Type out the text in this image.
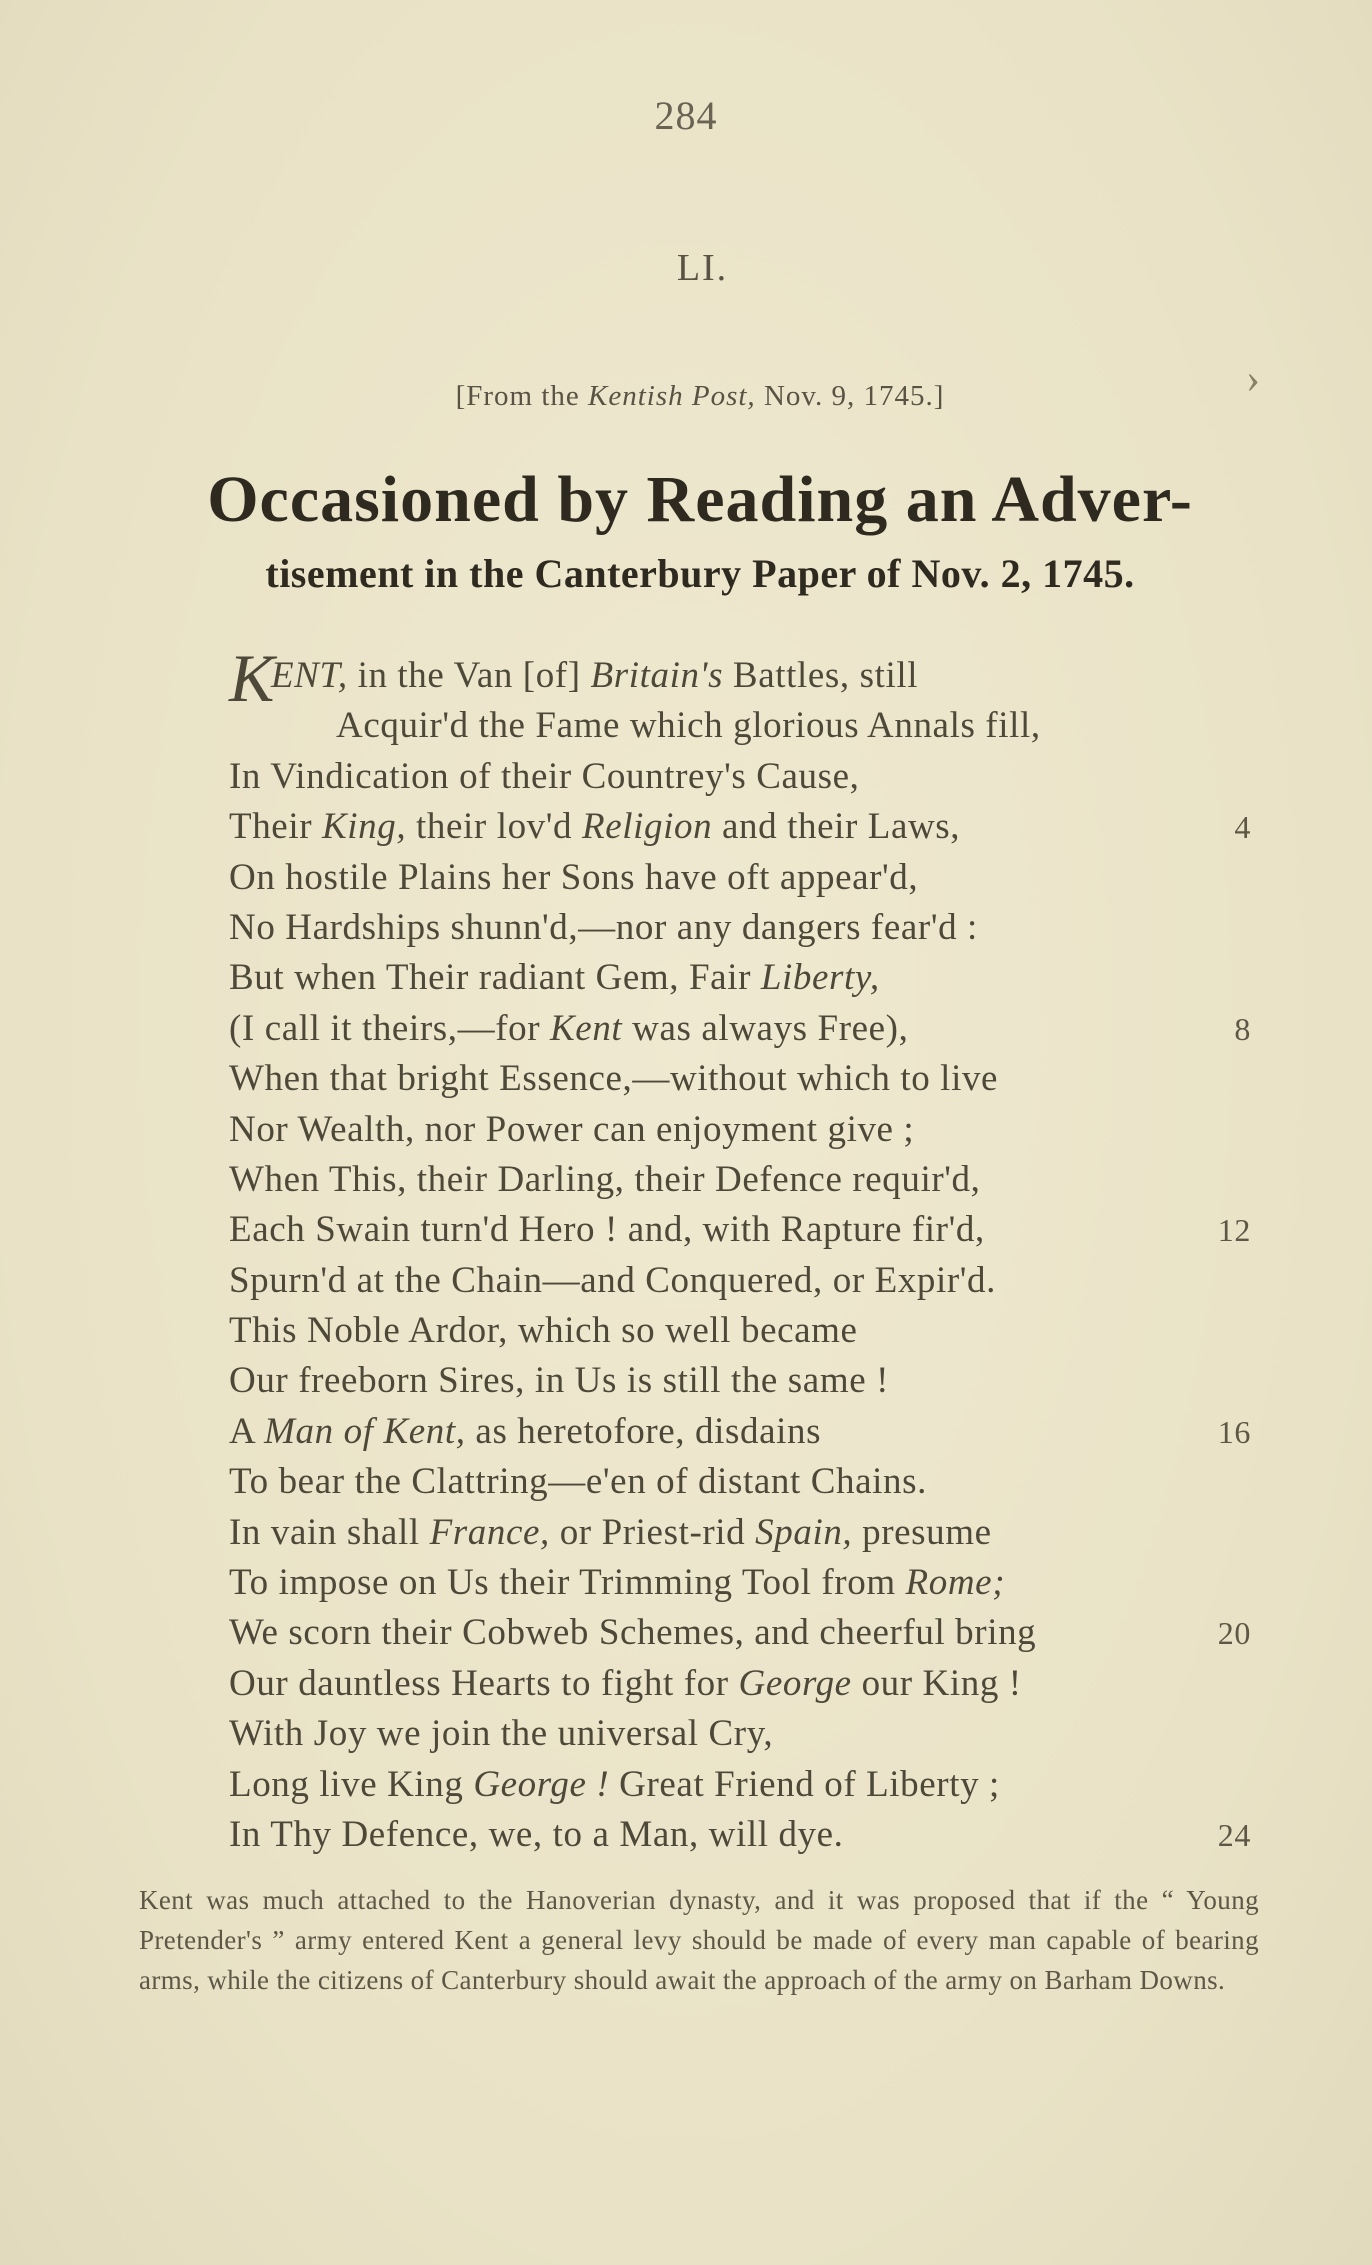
284
LI.
[From the Kentish Post, Nov. 9, 1745.]	›
Occasioned by Reading an Adver-
tisement in the Canterbury Paper of Nov. 2, 1745.
KENT, in the Van [of] Britain's Battles, still
Acquir'd the Fame which glorious Annals fill,
In Vindication of their Countrey's Cause,
Their King, their lov'd Religion and their Laws,	4
On hostile Plains her Sons have oft appear'd,
No Hardships shunn'd,—nor any dangers fear'd :
But when Their radiant Gem, Fair Liberty,
(I call it theirs,—for Kent was always Free),	8
When that bright Essence,—without which to live
Nor Wealth, nor Power can enjoyment give ;
When This, their Darling, their Defence requir'd,
Each Swain turn'd Hero ! and, with Rapture fir'd,	12
Spurn'd at the Chain—and Conquered, or Expir'd.
This Noble Ardor, which so well became
Our freeborn Sires, in Us is still the same !
A Man of Kent, as heretofore, disdains	16
To bear the Clattring—e'en of distant Chains.
In vain shall France, or Priest-rid Spain, presume
To impose on Us their Trimming Tool from Rome;
We scorn their Cobweb Schemes, and cheerful bring	20
Our dauntless Hearts to fight for George our King !
With Joy we join the universal Cry,
Long live King George ! Great Friend of Liberty ;
In Thy Defence, we, to a Man, will dye.	24
Kent was much attached to the Hanoverian dynasty, and it was proposed that if the “ Young Pretender's ” army entered Kent a general levy should be made of every man capable of bearing arms, while the citizens of Canterbury should await the approach of the army on Barham Downs.
